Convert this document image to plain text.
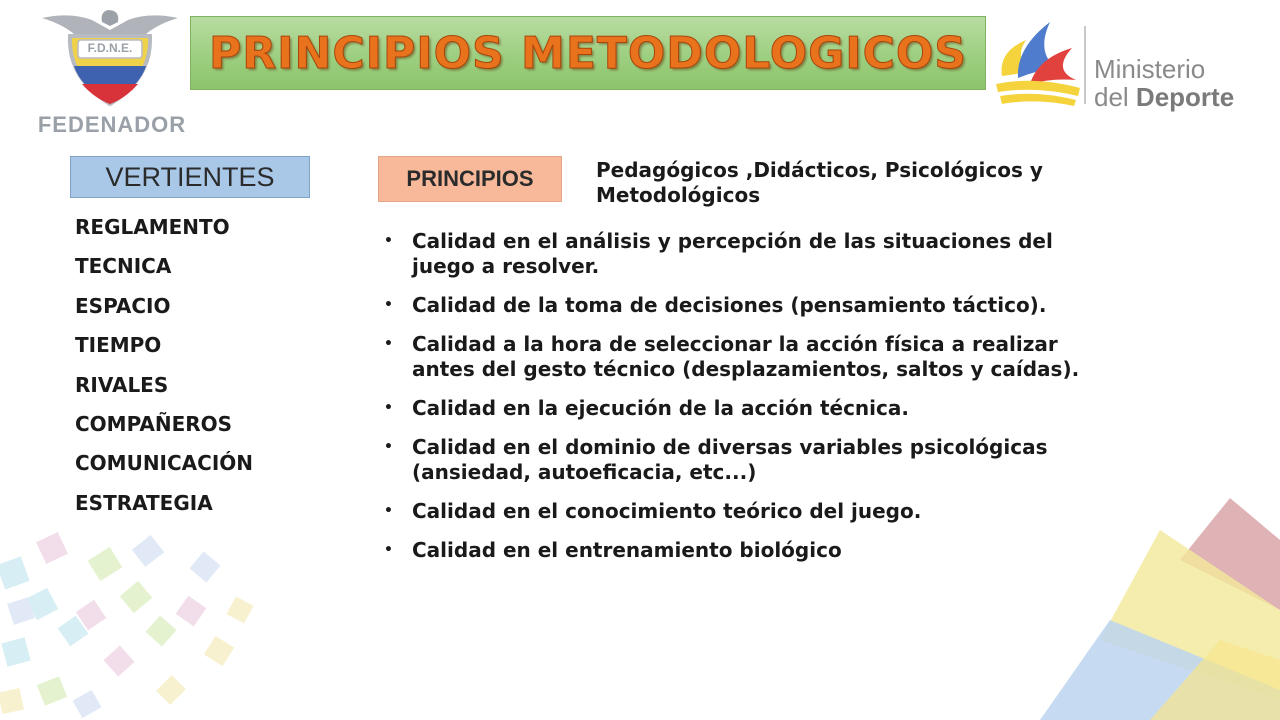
F.D.N.E.
FEDENADOR
PRINCIPIOS METODOLOGICOS	Ministerio
del Deporte
VERTIENTES
REGLAMENTO
TECNICA
ESPACIO
TIEMPO
RIVALES
COMPAÑEROS
COMUNICACIÓN
ESTRATEGIA
PRINCIPIOS	Pedagógicos ,Didácticos, Psicológicos y Metodológicos
• Calidad en el análisis y percepción de las situaciones del juego a resolver.
• Calidad de la toma de decisiones (pensamiento táctico).
• Calidad a la hora de seleccionar la acción física a realizar antes del gesto técnico (desplazamientos, saltos y caídas).
• Calidad en la ejecución de la acción técnica.
• Calidad en el dominio de diversas variables psicológicas (ansiedad, autoeficacia, etc...)
• Calidad en el conocimiento teórico del juego.
• Calidad en el entrenamiento biológico
